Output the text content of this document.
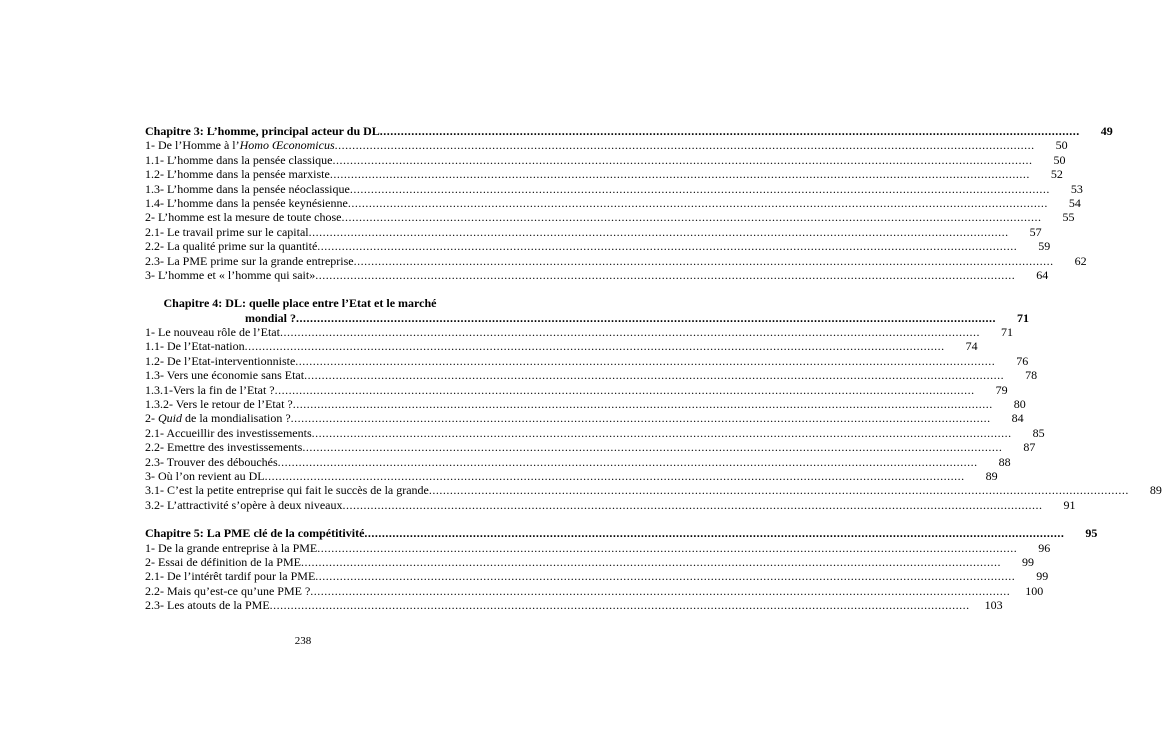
Chapitre 3: L’homme, principal acteur du DL ........................................................................................................................................................................................................	49
1- De l’Homme à l’Homo Œconomicus ........................................................................................................................................................................................................	50
1.1- L’homme dans la pensée classique ........................................................................................................................................................................................................	50
1.2- L’homme dans la pensée marxiste ........................................................................................................................................................................................................	52
1.3- L’homme dans la pensée néoclassique ........................................................................................................................................................................................................	53
1.4- L’homme dans la pensée keynésienne ........................................................................................................................................................................................................	54
2- L’homme est la mesure de toute chose ........................................................................................................................................................................................................	55
2.1- Le travail prime sur le capital ........................................................................................................................................................................................................	57
2.2- La qualité prime sur la quantité ........................................................................................................................................................................................................	59
2.3- La PME prime sur la grande entreprise ........................................................................................................................................................................................................	62
3- L’homme et « l’homme qui sait» ........................................................................................................................................................................................................	64
Chapitre 4: DL: quelle place entre l’Etat et le marché
mondial ? ........................................................................................................................................................................................................	71
1- Le nouveau rôle de l’Etat ........................................................................................................................................................................................................	71
1.1- De l’Etat-nation ........................................................................................................................................................................................................	74
1.2- De l’Etat-interventionniste ........................................................................................................................................................................................................	76
1.3- Vers une économie sans Etat ........................................................................................................................................................................................................	78
1.3.1-Vers la fin de l’Etat ? ........................................................................................................................................................................................................	79
1.3.2- Vers le retour de l’Etat ? ........................................................................................................................................................................................................	80
2- Quid de la mondialisation ? ........................................................................................................................................................................................................	84
2.1- Accueillir des investissements ........................................................................................................................................................................................................	85
2.2- Emettre des investissements ........................................................................................................................................................................................................	87
2.3- Trouver des débouchés ........................................................................................................................................................................................................	88
3- Où l’on revient au DL ........................................................................................................................................................................................................	89
3.1- C’est la petite entreprise qui fait le succès de la grande ........................................................................................................................................................................................................	89
3.2- L’attractivité s’opère à deux niveaux ........................................................................................................................................................................................................	91
Chapitre 5: La PME clé de la compétitivité ........................................................................................................................................................................................................	95
1- De la grande entreprise à la PME ........................................................................................................................................................................................................	96
2- Essai de définition de la PME ........................................................................................................................................................................................................	99
2.1- De l’intérêt tardif pour la PME ........................................................................................................................................................................................................	99
2.2- Mais qu’est-ce qu’une PME ? ........................................................................................................................................................................................................	100
2.3- Les atouts de la PME ........................................................................................................................................................................................................	103
238
